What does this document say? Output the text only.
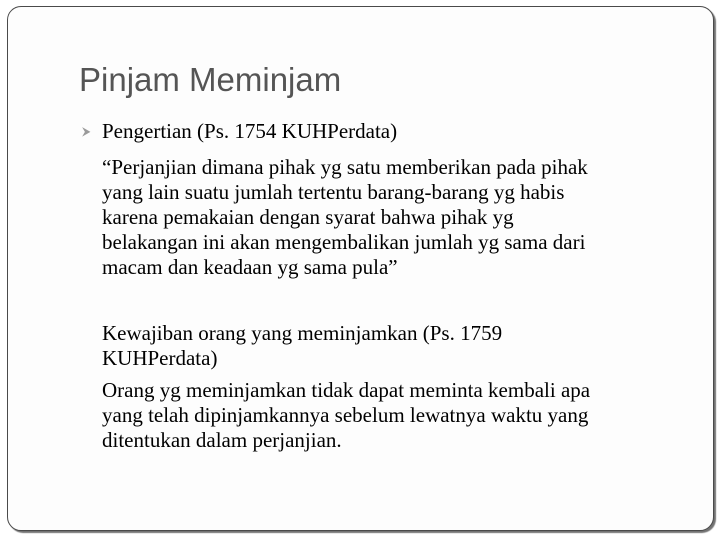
Pinjam Meminjam
⮞ Pengertian (Ps. 1754 KUHPerdata)

“Perjanjian dimana pihak yg satu memberikan pada pihak
yang lain suatu jumlah tertentu barang-barang yg habis
karena pemakaian dengan syarat bahwa pihak yg
belakangan ini akan mengembalikan jumlah yg sama dari
macam dan keadaan yg sama pula”

Kewajiban orang yang meminjamkan (Ps. 1759
KUHPerdata)

Orang yg meminjamkan tidak dapat meminta kembali apa
yang telah dipinjamkannya sebelum lewatnya waktu yang
ditentukan dalam perjanjian.
